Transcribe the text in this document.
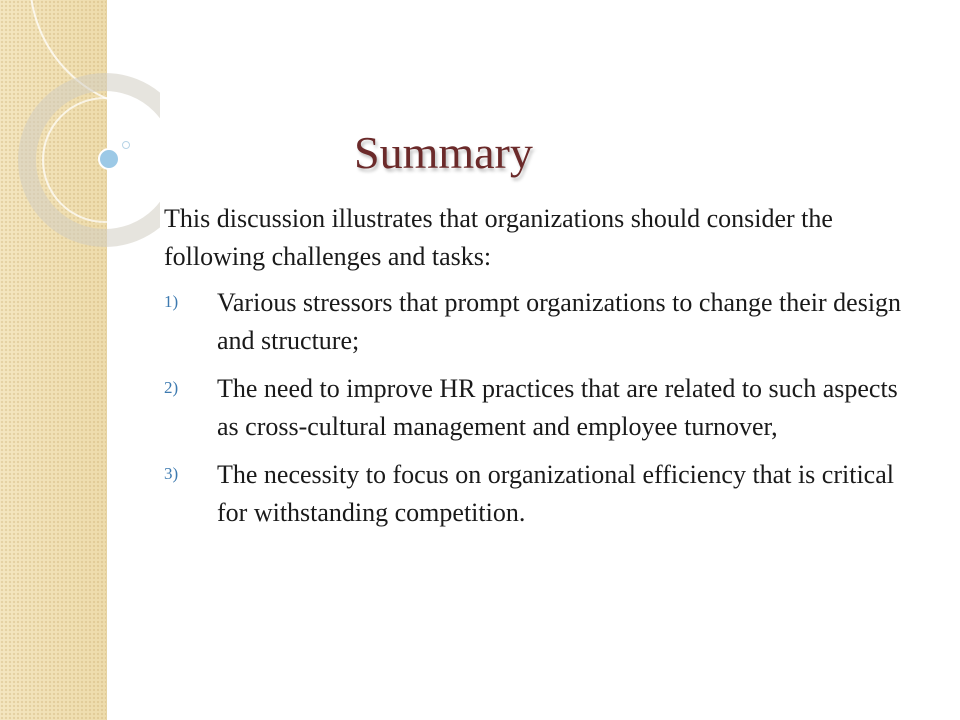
Summary
This discussion illustrates that organizations should consider the following challenges and tasks:
1) Various stressors that prompt organizations to change their design and structure;
2) The need to improve HR practices that are related to such aspects as cross-cultural management and employee turnover,
3) The necessity to focus on organizational efficiency that is critical for withstanding competition.
